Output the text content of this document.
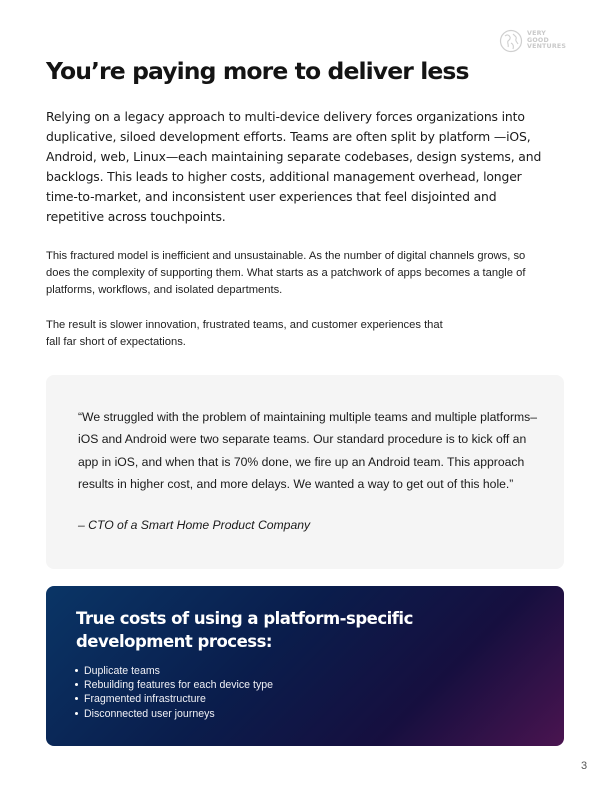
VERY
GOOD
VENTURES
You’re paying more to deliver less

Relying on a legacy approach to multi-device delivery forces organizations into duplicative, siloed development efforts. Teams are often split by platform —iOS, Android, web, Linux—each maintaining separate codebases, design systems, and backlogs. This leads to higher costs, additional management overhead, longer time-to-market, and inconsistent user experiences that feel disjointed and repetitive across touchpoints.

This fractured model is inefficient and unsustainable. As the number of digital channels grows, so does the complexity of supporting them. What starts as a patchwork of apps becomes a tangle of platforms, workflows, and isolated departments.

The result is slower innovation, frustrated teams, and customer experiences that fall far short of expectations.

“We struggled with the problem of maintaining multiple teams and multiple platforms–iOS and Android were two separate teams. Our standard procedure is to kick off an app in iOS, and when that is 70% done, we fire up an Android team. This approach results in higher cost, and more delays. We wanted a way to get out of this hole.”

– CTO of a Smart Home Product Company

True costs of using a platform-specific development process:
Duplicate teams
Rebuilding features for each device type
Fragmented infrastructure
Disconnected user journeys
3
